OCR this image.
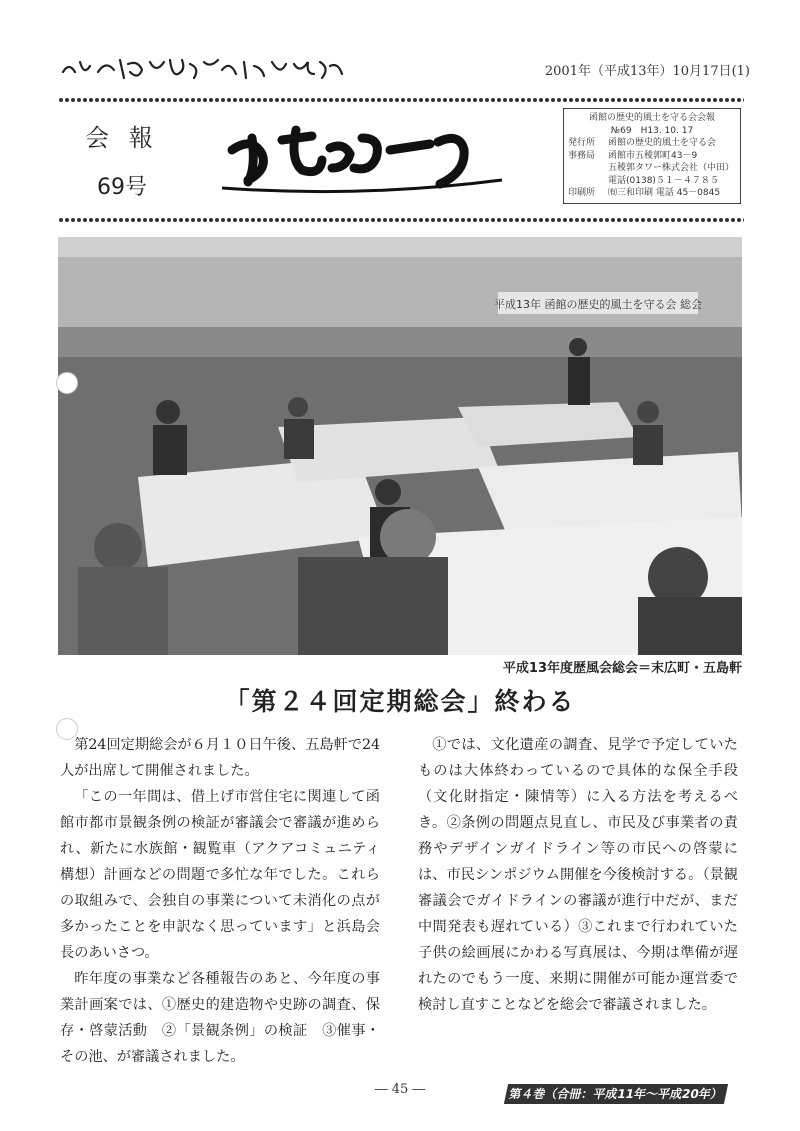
2001年（平成13年）10月17日(1)
会 報
69号
函館の歴史的風土を守る会会報
№69　H13. 10. 17
発行所	函館の歴史的風土を守る会
事務局	函館市五稜郭町43－9
五稜郭タワー株式会社（中田）
電話(0138)５１－４７８５
印刷所	㈲三和印刷 電話 45－0845
平成13年 函館の歴史的風土を守る会 総会
平成13年度歴風会総会＝末広町・五島軒
「第２４回定期総会」終わる

第24回定期総会が６月１０日午後、五島軒で24人が出席して開催されました。

「この一年間は、借上げ市営住宅に関連して函館市都市景観条例の検証が審議会で審議が進められ、新たに水族館・観覧車（アクアコミュニティ構想）計画などの問題で多忙な年でした。これらの取組みで、会独自の事業について未消化の点が多かったことを申訳なく思っています」と浜島会長のあいさつ。

昨年度の事業など各種報告のあと、今年度の事業計画案では、①歴史的建造物や史跡の調査、保存・啓蒙活動　②「景観条例」の検証　③催事・その池、が審議されました。

①では、文化遺産の調査、見学で予定していたものは大体終わっているので具体的な保全手段（文化財指定・陳情等）に入る方法を考えるべき。②条例の問題点見直し、市民及び事業者の責務やデザインガイドライン等の市民への啓蒙には、市民シンポジウム開催を今後検討する。（景観審議会でガイドラインの審議が進行中だが、まだ中間発表も遅れている）③これまで行われていた子供の絵画展にかわる写真展は、今期は準備が遅れたのでもう一度、来期に開催が可能か運営委で検討し直すことなどを総会で審議されました。

― 45 ―	第４巻（合冊：平成11年～平成20年）
